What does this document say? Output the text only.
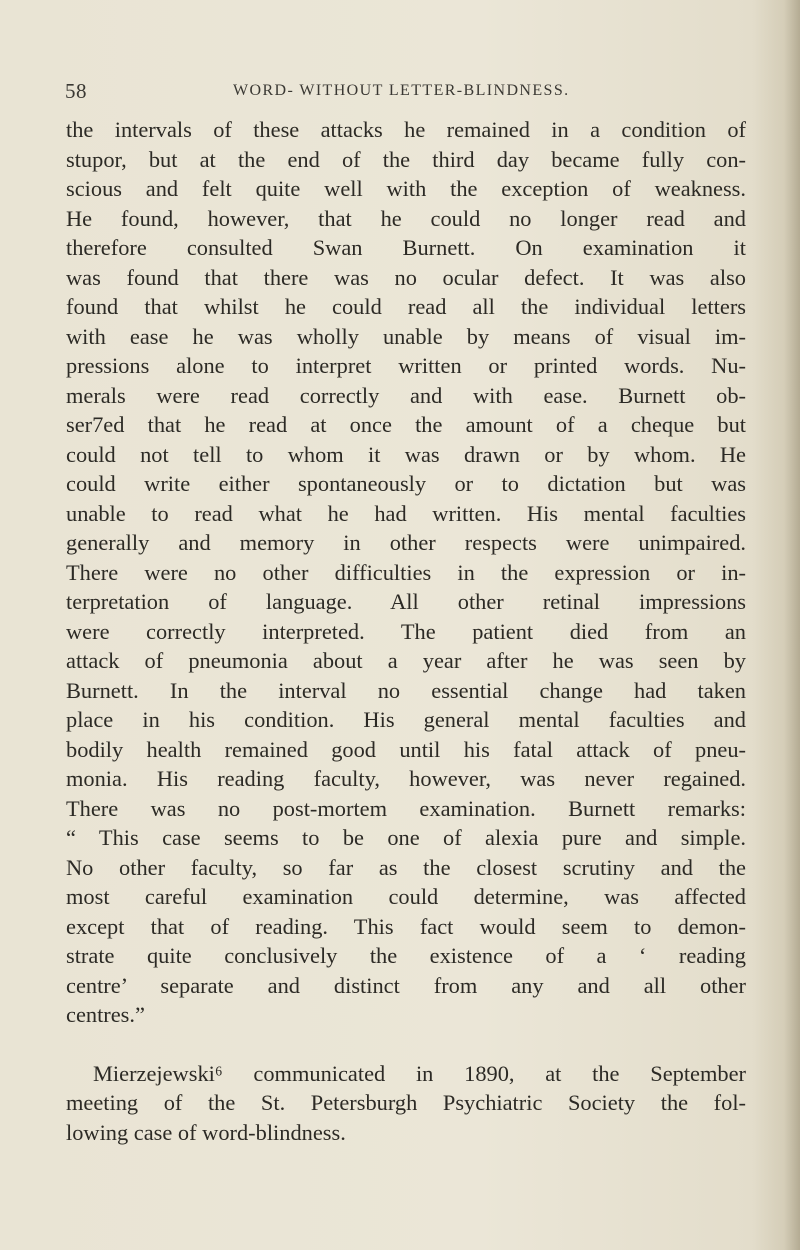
58	WORD- WITHOUT LETTER-BLINDNESS.
the intervals of these attacks he remained in a condition of
stupor, but at the end of the third day became fully con-
scious and felt quite well with the exception of weakness.
He found, however, that he could no longer read and
therefore consulted Swan Burnett. On examination it
was found that there was no ocular defect. It was also
found that whilst he could read all the individual letters
with ease he was wholly unable by means of visual im-
pressions alone to interpret written or printed words. Nu-
merals were read correctly and with ease. Burnett ob-
ser7ed that he read at once the amount of a cheque but
could not tell to whom it was drawn or by whom. He
could write either spontaneously or to dictation but was
unable to read what he had written. His mental faculties
generally and memory in other respects were unimpaired.
There were no other difficulties in the expression or in-
terpretation of language. All other retinal impressions
were correctly interpreted. The patient died from an
attack of pneumonia about a year after he was seen by
Burnett. In the interval no essential change had taken
place in his condition. His general mental faculties and
bodily health remained good until his fatal attack of pneu-
monia. His reading faculty, however, was never regained.
There was no post-mortem examination. Burnett remarks:
“ This case seems to be one of alexia pure and simple.
No other faculty, so far as the closest scrutiny and the
most careful examination could determine, was affected
except that of reading. This fact would seem to demon-
strate quite conclusively the existence of a ‘ reading
centre’ separate and distinct from any and all other
centres.”
Mierzejewski⁶ communicated in 1890, at the September
meeting of the St. Petersburgh Psychiatric Society the fol-
lowing case of word-blindness.
